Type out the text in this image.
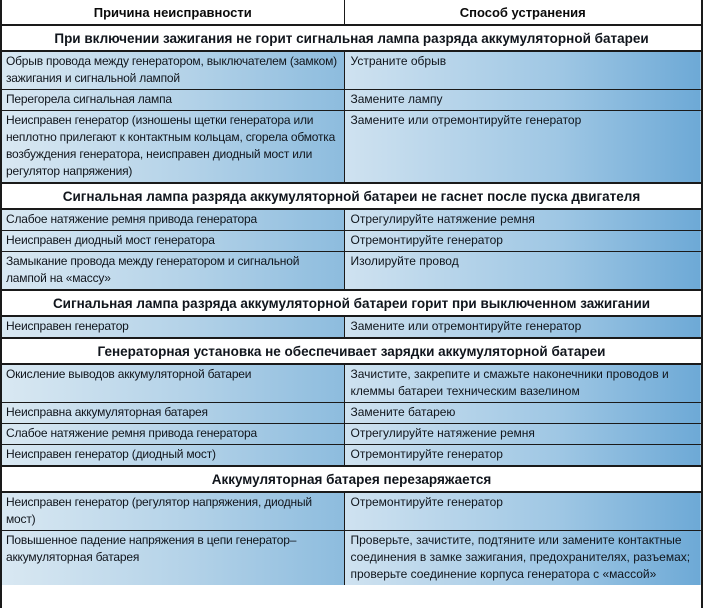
Причина неисправности	Способ устранения
При включении зажигания не горит сигнальная лампа разряда аккумуляторной батареи	
Обрыв провода между генератором, выключателем (замком) зажигания и сигнальной лампой	Устраните обрыв
Перегорела сигнальная лампа	Замените лампу
Неисправен генератор (изношены щетки генератора или неплотно прилегают к контактным кольцам, сгорела обмотка возбуждения генератора, неисправен диодный мост или регулятор напряжения)	Замените или отремонтируйте генератор
Сигнальная лампа разряда аккумуляторной батареи не гаснет после пуска двигателя	
Слабое натяжение ремня привода генератора	Отрегулируйте натяжение ремня
Неисправен диодный мост генератора	Отремонтируйте генератор
Замыкание провода между генератором и сигнальной лампой на «массу»	Изолируйте провод
Сигнальная лампа разряда аккумуляторной батареи горит при выключенном зажигании	
Неисправен генератор	Замените или отремонтируйте генератор
Генераторная установка не обеспечивает зарядки аккумуляторной батареи	
Окисление выводов аккумуляторной батареи	Зачистите, закрепите и смажьте наконечники проводов и клеммы батареи техническим вазелином
Неисправна аккумуляторная батарея	Замените батарею
Слабое натяжение ремня привода генератора	Отрегулируйте натяжение ремня
Неисправен генератор (диодный мост)	Отремонтируйте генератор
Аккумуляторная батарея перезаряжается	
Неисправен генератор (регулятор напряжения, диодный мост)	Отремонтируйте генератор
Повышенное падение напряжения в цепи генератор–аккумуляторная батарея	Проверьте, зачистите, подтяните или замените контактные соединения в замке зажигания, предохранителях, разъемах; проверьте соединение корпуса генератора с «массой»
